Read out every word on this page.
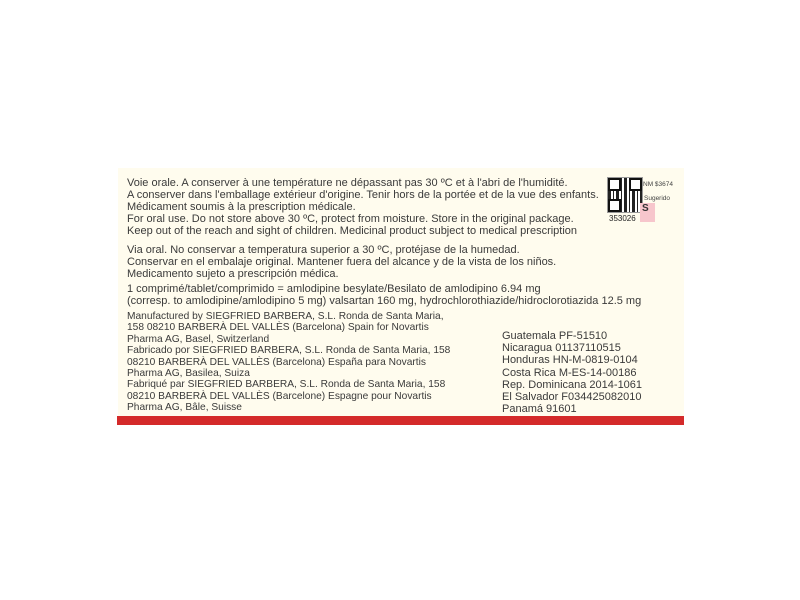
Voie orale. A conserver à une température ne dépassant pas 30 ºC et à l'abri de l'humidité.
A conserver dans l'emballage extérieur d'origine. Tenir hors de la portée et de la vue des enfants.
Médicament soumis à la prescription médicale.
For oral use. Do not store above 30 ºC, protect from moisture. Store in the original package.
Keep out of the reach and sight of children. Medicinal product subject to medical prescription
Via oral. No conservar a temperatura superior a 30 ºC, protéjase de la humedad.
Conservar en el embalaje original. Mantener fuera del alcance y de la vista de los niños.
Medicamento sujeto a prescripción médica.
1 comprimé/tablet/comprimido = amlodipine besylate/Besilato de amlodipino 6.94 mg
(corresp. to amlodipine/amlodipino 5 mg) valsartan 160 mg, hydrochlorothiazide/hidroclorotiazida 12.5 mg
Manufactured by SIEGFRIED BARBERA, S.L. Ronda de Santa Maria,
158 08210 BARBERÀ DEL VALLÈS (Barcelona) Spain for Novartis
Pharma AG, Basel, Switzerland
Fabricado por SIEGFRIED BARBERA, S.L. Ronda de Santa Maria, 158
08210 BARBERÀ DEL VALLÈS (Barcelona) España para Novartis
Pharma AG, Basilea, Suiza
Fabriqué par SIEGFRIED BARBERA, S.L. Ronda de Santa Maria, 158
08210 BARBERÀ DEL VALLÈS (Barcelone) Espagne pour Novartis
Pharma AG, Bâle, Suisse
Guatemala PF-51510
Nicaragua 01137110515
Honduras HN-M-0819-0104
Costa Rica M-ES-14-00186
Rep. Dominicana 2014-1061
El Salvador F034425082010
Panamá 91601
NM $3674
Sugerido
S
353026
